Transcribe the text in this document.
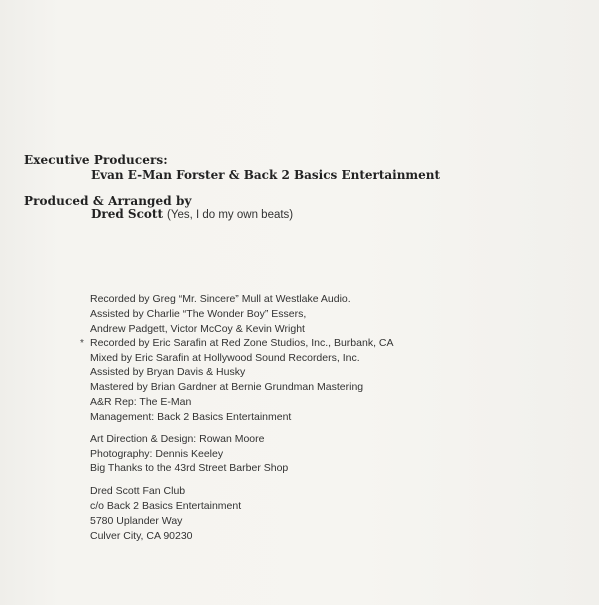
Executive Producers:
Evan E-Man Forster & Back 2 Basics Entertainment
Produced & Arranged by
Dred Scott (Yes, I do my own beats)
Recorded by Greg “Mr. Sincere” Mull at Westlake Audio.
Assisted by Charlie “The Wonder Boy” Essers,
Andrew Padgett, Victor McCoy & Kevin Wright
* Recorded by Eric Sarafin at Red Zone Studios, Inc., Burbank, CA
Mixed by Eric Sarafin at Hollywood Sound Recorders, Inc.
Assisted by Bryan Davis & Husky
Mastered by Brian Gardner at Bernie Grundman Mastering
A&R Rep: The E-Man
Management: Back 2 Basics Entertainment
Art Direction & Design: Rowan Moore
Photography: Dennis Keeley
Big Thanks to the 43rd Street Barber Shop
Dred Scott Fan Club
c/o Back 2 Basics Entertainment
5780 Uplander Way
Culver City, CA 90230
